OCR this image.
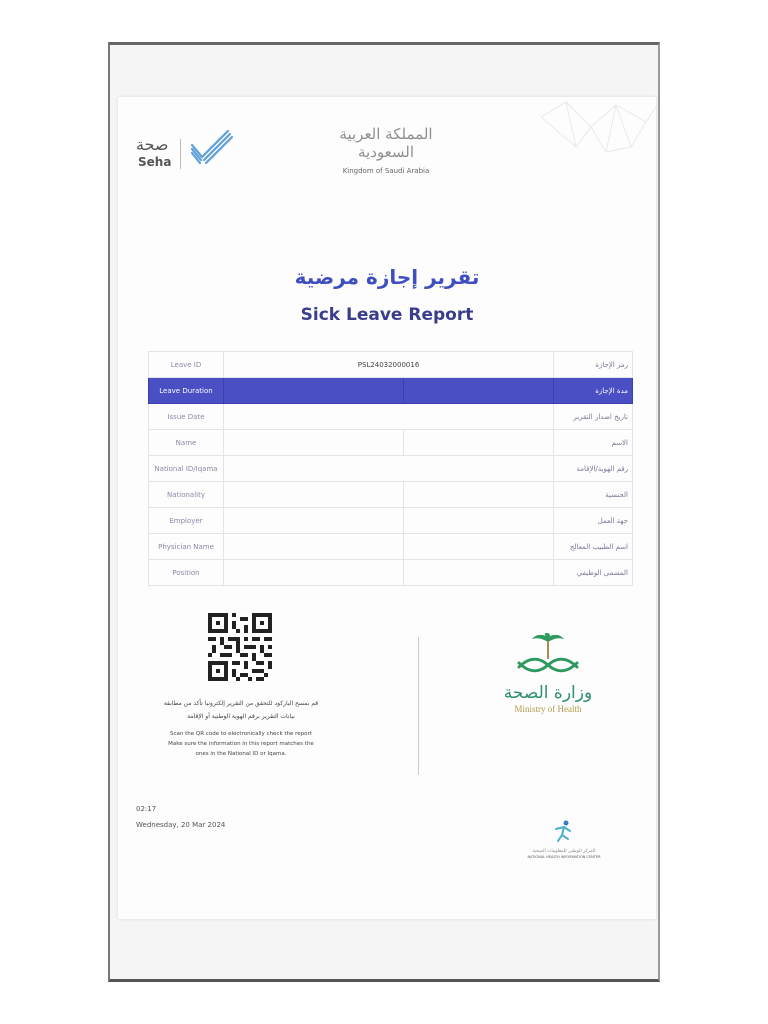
صحة
Seha
المملكة العربية السعودية
Kingdom of Saudi Arabia
تقرير إجازة مرضية
Sick Leave Report
Leave ID	PSL24032000016		رمز الإجازة
Leave Duration			مدة الإجازة
Issue Date			تاريخ اصدار التقرير
Name			الاسم
National ID/Iqama			رقم الهوية/الإقامة
Nationality			الجنسية
Employer			جهة العمل
Physician Name			اسم الطبيب المعالج
Position			المسمى الوظيفي
قم بمسح الباركود للتحقق من التقرير إلكترونيا تأكد من مطابقة
بيانات التقرير برقم الهوية الوطنية أو الإقامة
Scan the QR code to electronically check the report
Make sure the information in this report matches the
ones in the National ID or Iqama.
وزارة الصحة
Ministry of Health
02:17
Wednesday, 20 Mar 2024
المركز الوطني للمعلومات الصحية
NATIONAL HEALTH INFORMATION CENTER
